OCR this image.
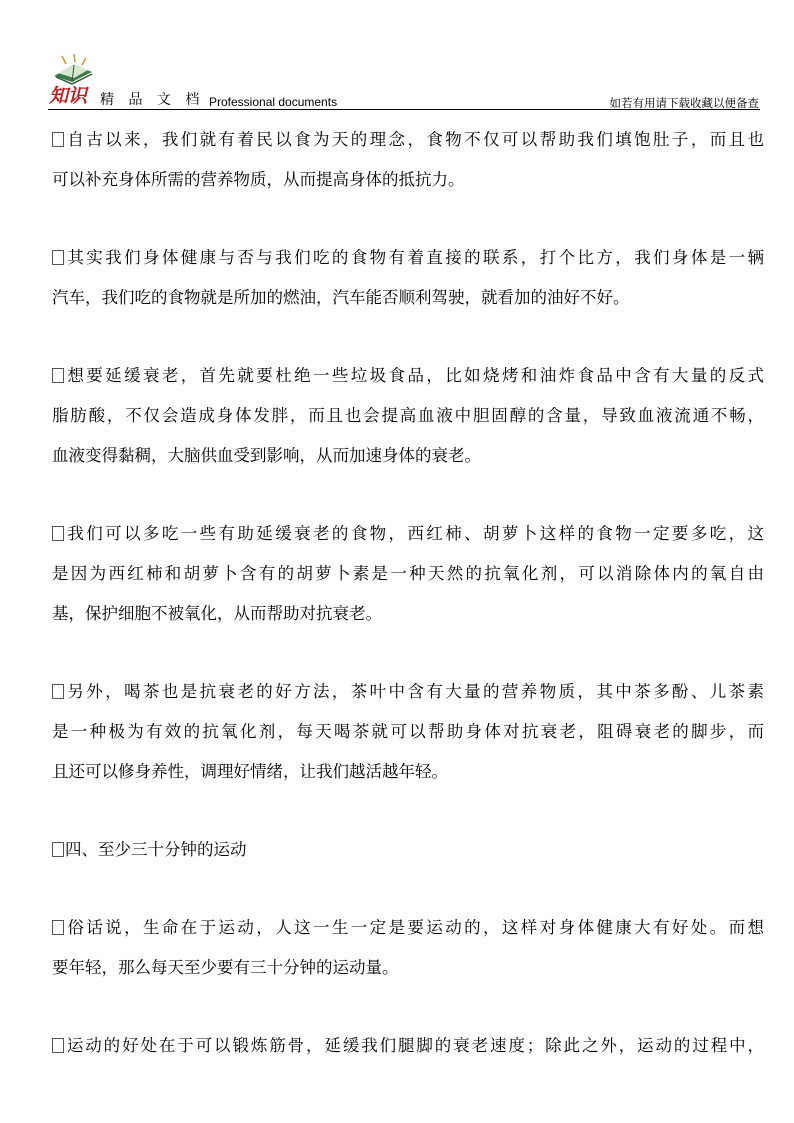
知识 精 品 文 档 Professional documents	如若有用请下载收藏以便备查
自古以来，我们就有着民以食为天的理念，食物不仅可以帮助我们填饱肚子，而且也
可以补充身体所需的营养物质，从而提高身体的抵抗力。
其实我们身体健康与否与我们吃的食物有着直接的联系，打个比方，我们身体是一辆
汽车，我们吃的食物就是所加的燃油，汽车能否顺利驾驶，就看加的油好不好。
想要延缓衰老，首先就要杜绝一些垃圾食品，比如烧烤和油炸食品中含有大量的反式
脂肪酸，不仅会造成身体发胖，而且也会提高血液中胆固醇的含量，导致血液流通不畅，
血液变得黏稠，大脑供血受到影响，从而加速身体的衰老。
我们可以多吃一些有助延缓衰老的食物，西红柿、胡萝卜这样的食物一定要多吃，这
是因为西红柿和胡萝卜含有的胡萝卜素是一种天然的抗氧化剂，可以消除体内的氧自由
基，保护细胞不被氧化，从而帮助对抗衰老。
另外，喝茶也是抗衰老的好方法，茶叶中含有大量的营养物质，其中茶多酚、儿茶素
是一种极为有效的抗氧化剂，每天喝茶就可以帮助身体对抗衰老，阻碍衰老的脚步，而
且还可以修身养性，调理好情绪，让我们越活越年轻。
四、至少三十分钟的运动
俗话说，生命在于运动，人这一生一定是要运动的，这样对身体健康大有好处。而想
要年轻，那么每天至少要有三十分钟的运动量。
运动的好处在于可以锻炼筋骨，延缓我们腿脚的衰老速度；除此之外，运动的过程中，
